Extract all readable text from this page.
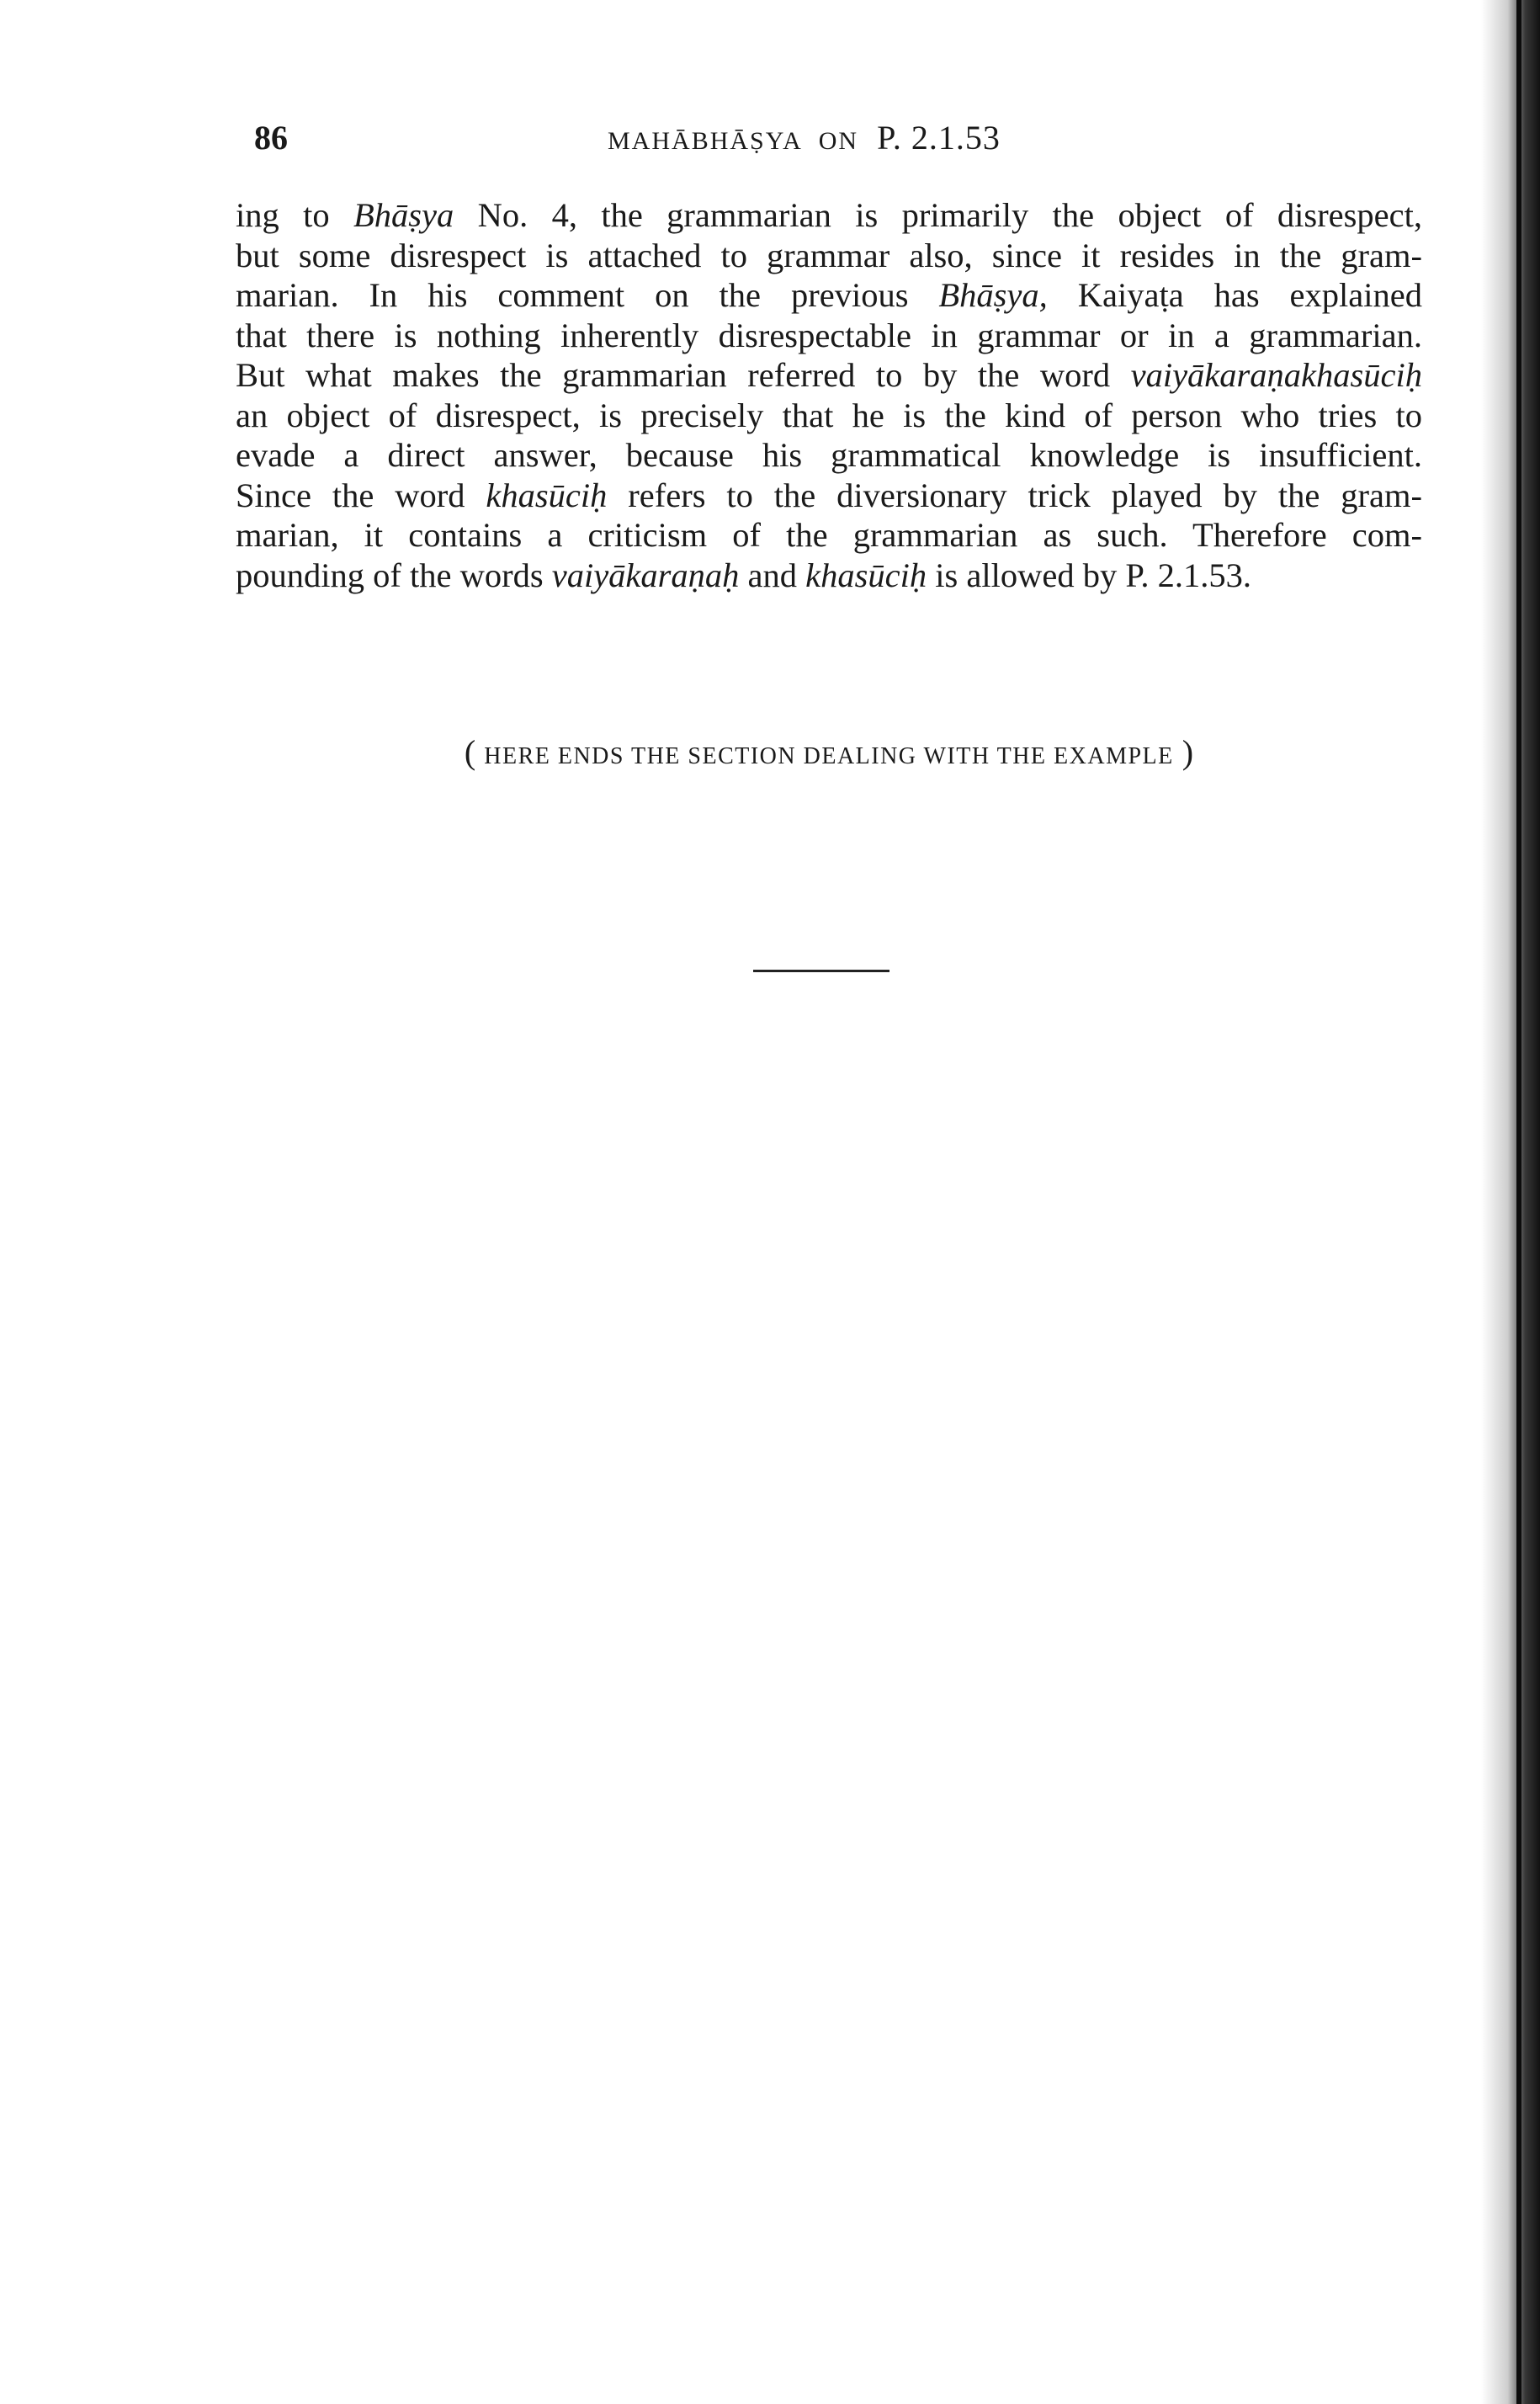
86	MAHĀBHĀṢYA ON P. 2.1.53
ing to Bhāṣya No. 4, the grammarian is primarily the object of disrespect,
but some disrespect is attached to grammar also, since it resides in the gram-
marian. In his comment on the previous Bhāṣya, Kaiyaṭa has explained
that there is nothing inherently disrespectable in grammar or in a grammarian.
But what makes the grammarian referred to by the word vaiyākaraṇakhasūciḥ
an object of disrespect, is precisely that he is the kind of person who tries to
evade a direct answer, because his grammatical knowledge is insufficient.
Since the word khasūciḥ refers to the diversionary trick played by the gram-
marian, it contains a criticism of the grammarian as such. Therefore com-
pounding of the words vaiyākaraṇaḥ and khasūciḥ is allowed by P. 2.1.53.
( HERE ENDS THE SECTION DEALING WITH THE EXAMPLE )
